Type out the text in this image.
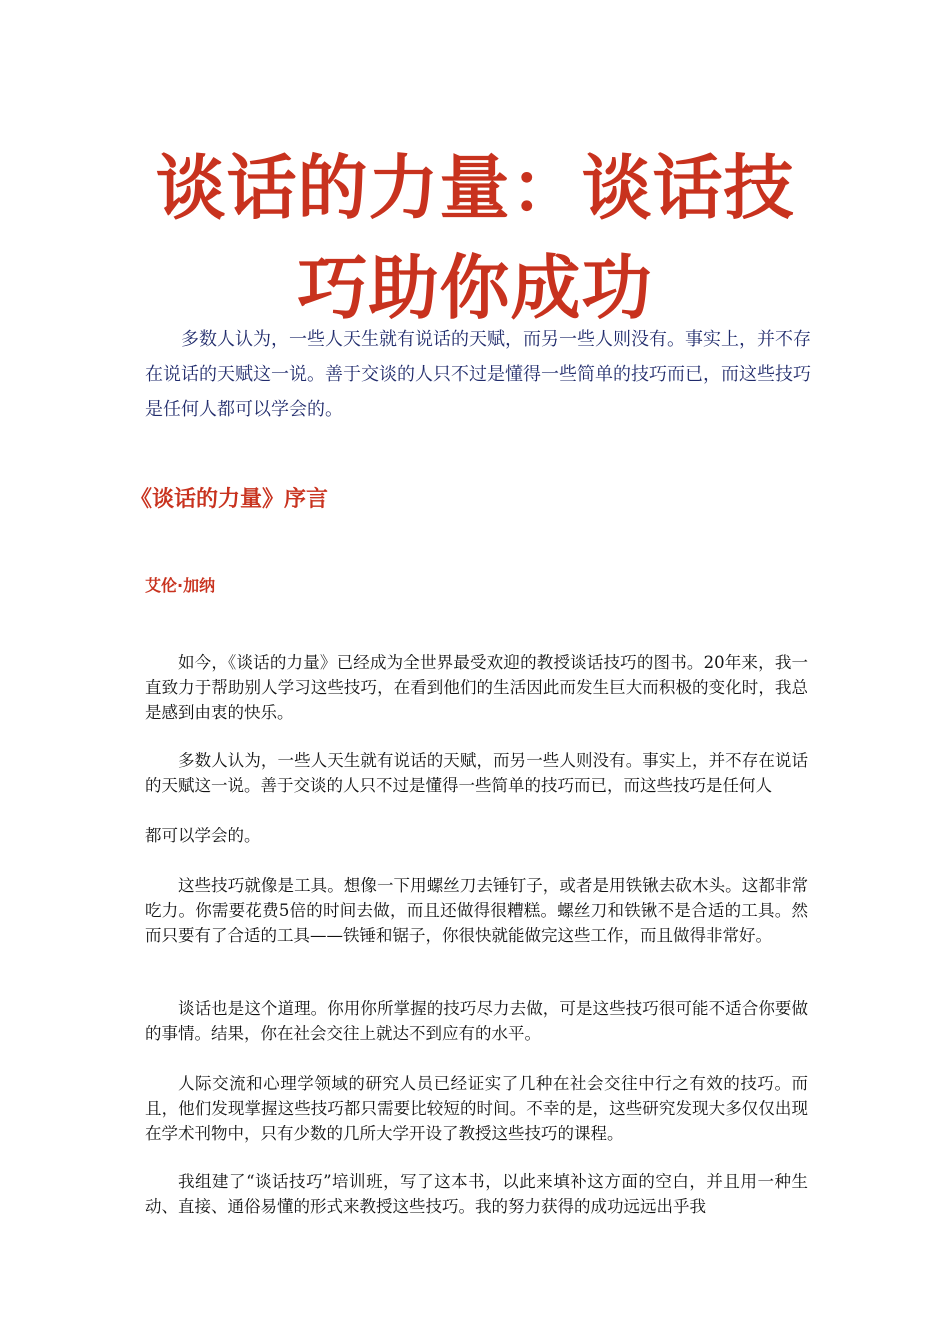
谈话的力量：谈话技
巧助你成功

多数人认为，一些人天生就有说话的天赋，而另一些人则没有。事实上，并不存在说话的天赋这一说。善于交谈的人只不过是懂得一些简单的技巧而已，而这些技巧是任何人都可以学会的。

《谈话的力量》序言
艾伦·加纳

如今，《谈话的力量》已经成为全世界最受欢迎的教授谈话技巧的图书。20年来，我一直致力于帮助别人学习这些技巧，在看到他们的生活因此而发生巨大而积极的变化时，我总是感到由衷的快乐。

多数人认为，一些人天生就有说话的天赋，而另一些人则没有。事实上，并不存在说话的天赋这一说。善于交谈的人只不过是懂得一些简单的技巧而已，而这些技巧是任何人

都可以学会的。

这些技巧就像是工具。想像一下用螺丝刀去锤钉子，或者是用铁锹去砍木头。这都非常吃力。你需要花费5倍的时间去做，而且还做得很糟糕。螺丝刀和铁锹不是合适的工具。然而只要有了合适的工具——铁锤和锯子，你很快就能做完这些工作，而且做得非常好。

谈话也是这个道理。你用你所掌握的技巧尽力去做，可是这些技巧很可能不适合你要做的事情。结果，你在社会交往上就达不到应有的水平。

人际交流和心理学领域的研究人员已经证实了几种在社会交往中行之有效的技巧。而且，他们发现掌握这些技巧都只需要比较短的时间。不幸的是，这些研究发现大多仅仅出现在学术刊物中，只有少数的几所大学开设了教授这些技巧的课程。

我组建了“谈话技巧”培训班，写了这本书，以此来填补这方面的空白，并且用一种生动、直接、通俗易懂的形式来教授这些技巧。我的努力获得的成功远远出乎我
